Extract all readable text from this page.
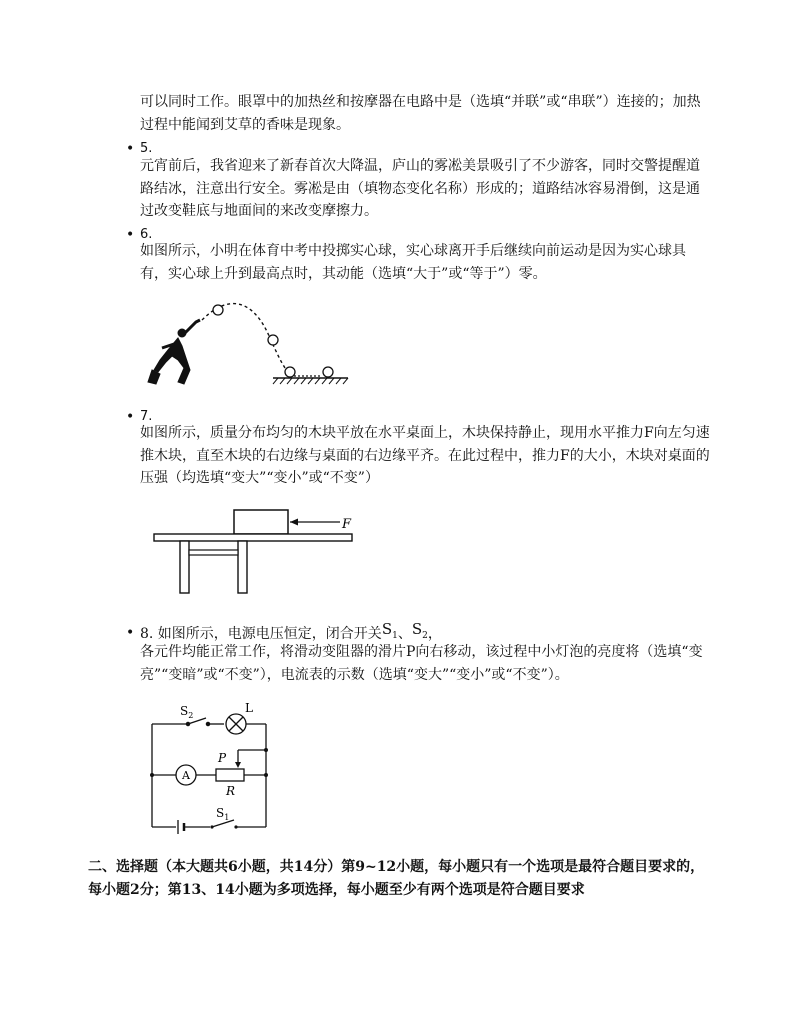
可以同时工作。眼罩中的加热丝和按摩器在电路中是（选填“并联”或“串联”）连接的；加热过程中能闻到艾草的香味是现象。
• 5.
元宵前后，我省迎来了新春首次大降温，庐山的雾凇美景吸引了不少游客，同时交警提醒道路结冰，注意出行安全。雾凇是由（填物态变化名称）形成的；道路结冰容易滑倒，这是通过改变鞋底与地面间的来改变摩擦力。
• 6.
如图所示，小明在体育中考中投掷实心球，实心球离开手后继续向前运动是因为实心球具有，实心球上升到最高点时，其动能（选填“大于”或“等于”）零。
• 7.
如图所示，质量分布均匀的木块平放在水平桌面上，木块保持静止，现用水平推力F向左匀速推木块，直至木块的右边缘与桌面的右边缘平齐。在此过程中，推力F的大小，木块对桌面的压强（均选填“变大”“变小”或“不变”）
F
• 8. 如图所示，电源电压恒定，闭合开关$S_1$、$S_2$，
各元件均能正常工作，将滑动变阻器的滑片P向右移动，该过程中小灯泡的亮度将（选填“变亮”“变暗”或“不变”），电流表的示数（选填“变大”“变小”或“不变”）。
$S_2$
L
A
P
R
$S_1$
二、选择题（本大题共6小题，共14分）第9~12小题，每小题只有一个选项是最符合题目要求的，每小题2分；第13、14小题为多项选择，每小题至少有两个选项是符合题目要求
